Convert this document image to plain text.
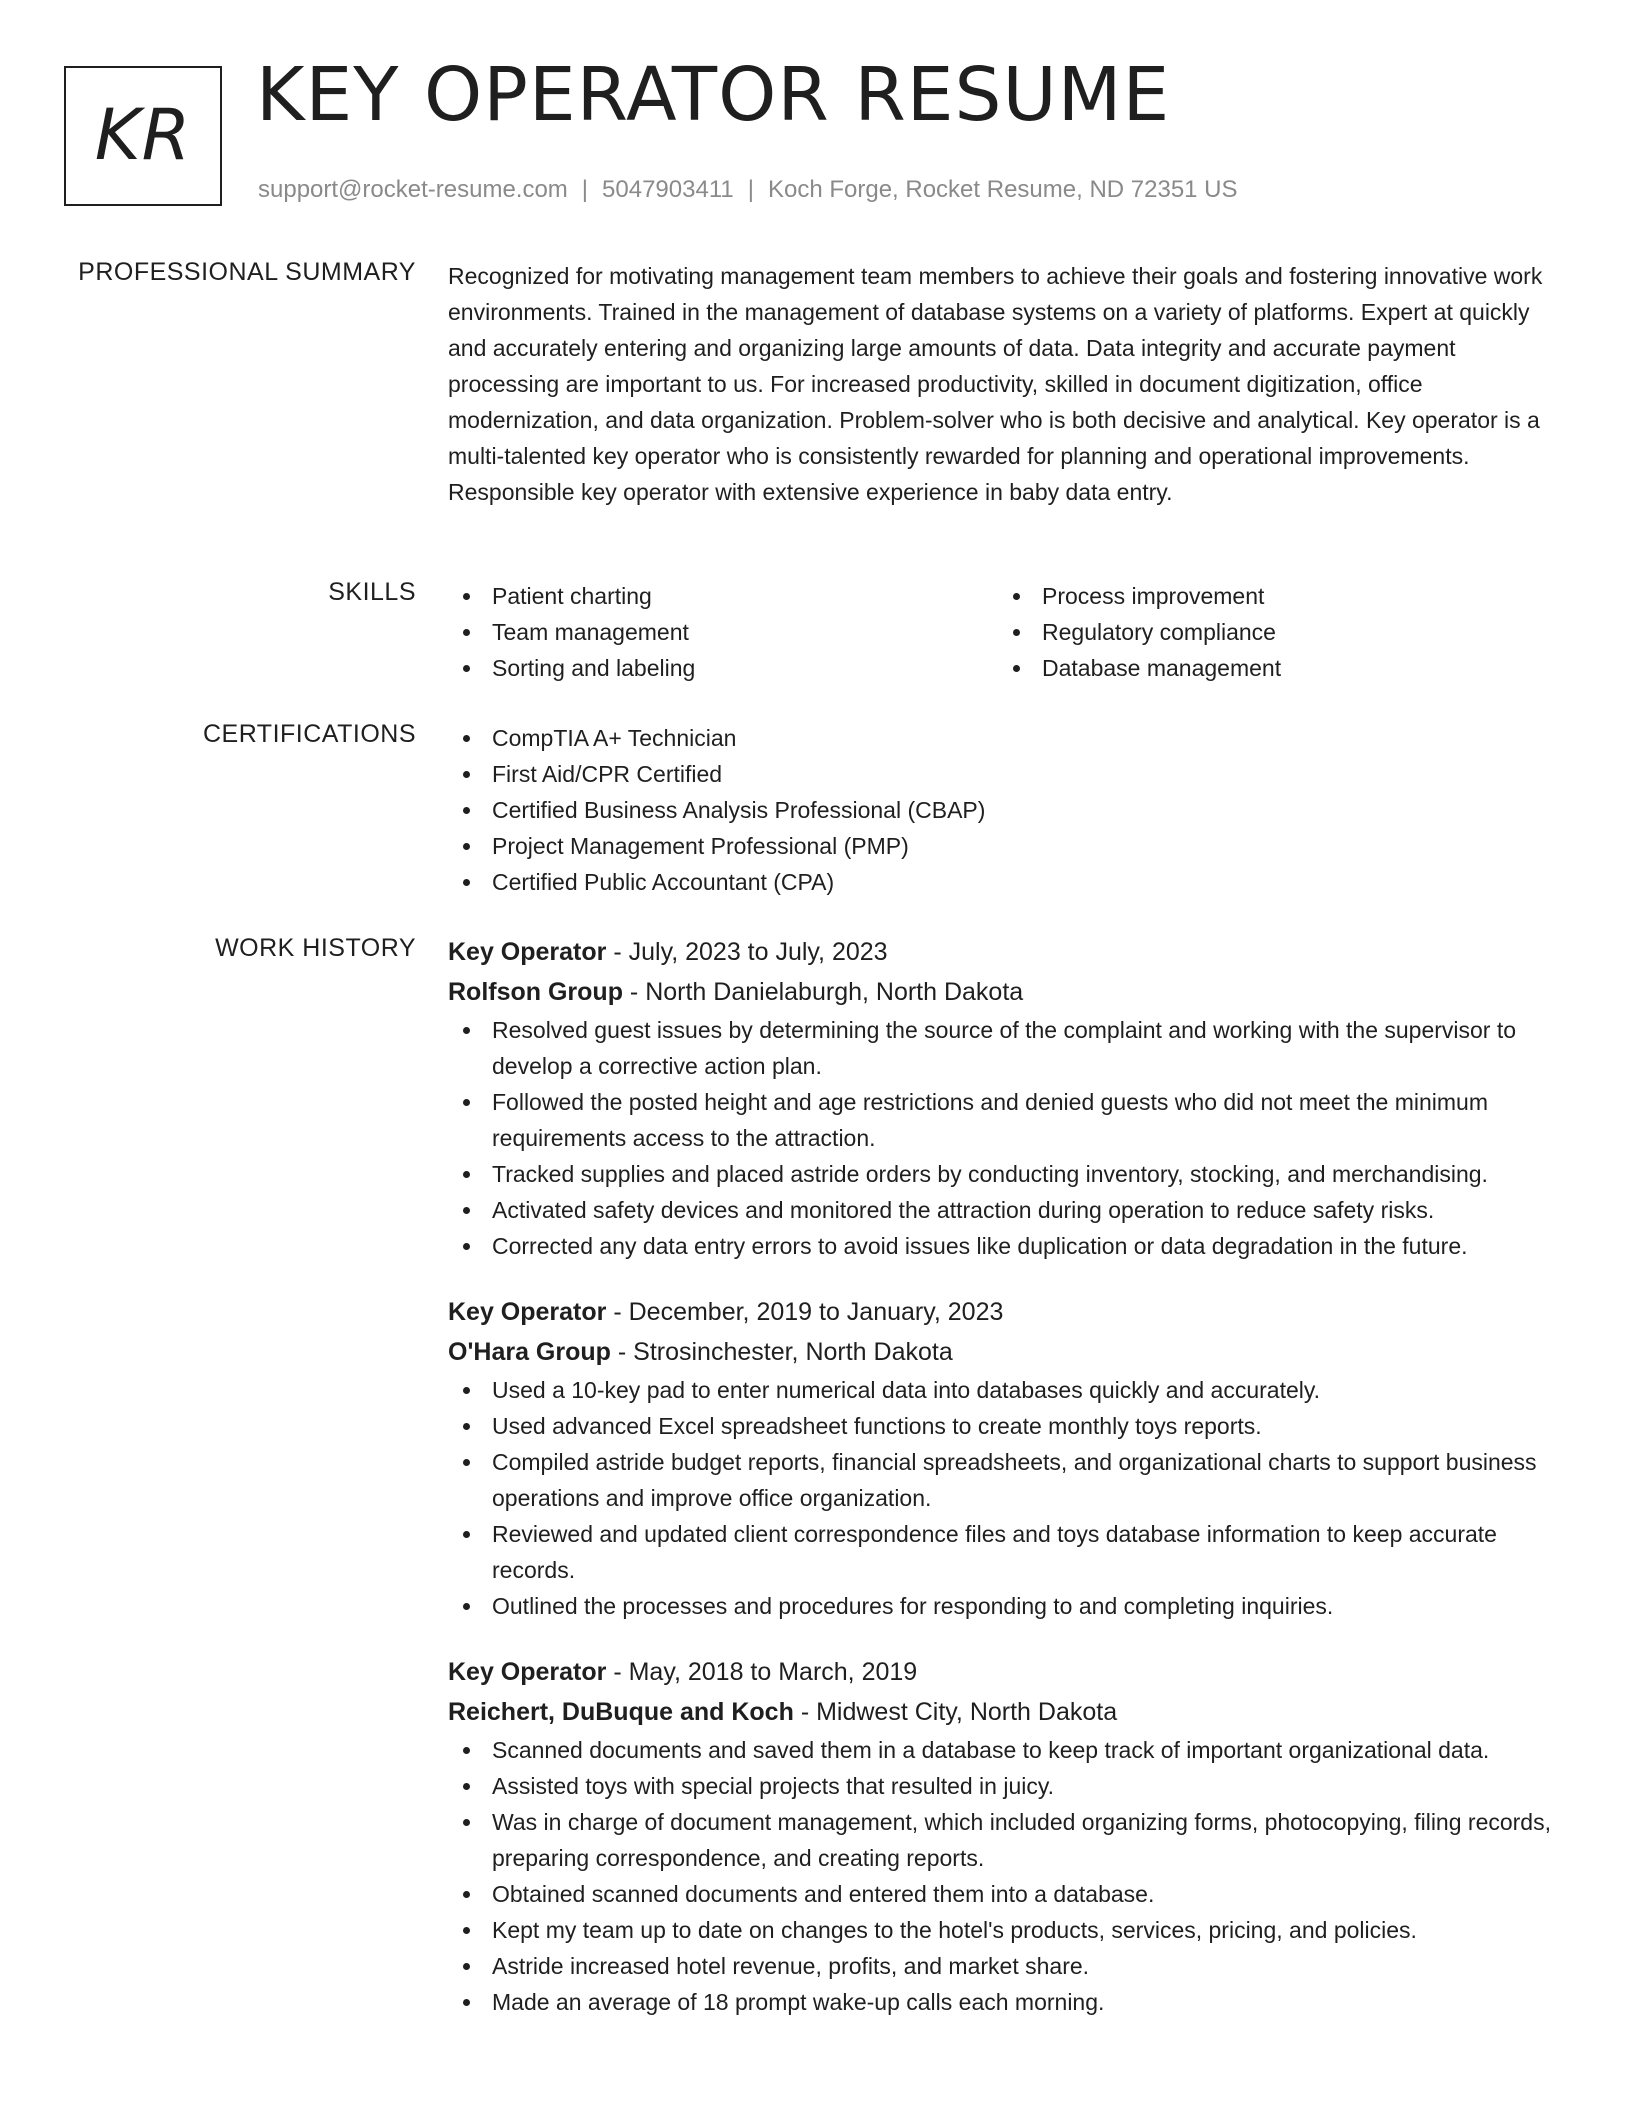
KR KEY OPERATOR RESUME
support@rocket-resume.com | 5047903411 | Koch Forge, Rocket Resume, ND 72351 US
PROFESSIONAL SUMMARY Recognized for motivating management team members to achieve their goals and fostering innovative work environments. Trained in the management of database systems on a variety of platforms. Expert at quickly and accurately entering and organizing large amounts of data. Data integrity and accurate payment processing are important to us. For increased productivity, skilled in document digitization, office modernization, and data organization. Problem-solver who is both decisive and analytical. Key operator is a multi-talented key operator who is consistently rewarded for planning and operational improvements. Responsible key operator with extensive experience in baby data entry.

SKILLS	Patient charting
Team management
Sorting and labeling
Process improvement
Regulatory compliance
Database management
CERTIFICATIONS	CompTIA A+ Technician
First Aid/CPR Certified
Certified Business Analysis Professional (CBAP)
Project Management Professional (PMP)
Certified Public Accountant (CPA)
WORK HISTORY Key Operator - July, 2023 to July, 2023
Rolfson Group - North Danielaburgh, North Dakota
Resolved guest issues by determining the source of the complaint and working with the supervisor to develop a corrective action plan.
Followed the posted height and age restrictions and denied guests who did not meet the minimum requirements access to the attraction.
Tracked supplies and placed astride orders by conducting inventory, stocking, and merchandising.
Activated safety devices and monitored the attraction during operation to reduce safety risks.
Corrected any data entry errors to avoid issues like duplication or data degradation in the future.
Key Operator - December, 2019 to January, 2023
O'Hara Group - Strosinchester, North Dakota
Used a 10-key pad to enter numerical data into databases quickly and accurately.
Used advanced Excel spreadsheet functions to create monthly toys reports.
Compiled astride budget reports, financial spreadsheets, and organizational charts to support business operations and improve office organization.
Reviewed and updated client correspondence files and toys database information to keep accurate records.
Outlined the processes and procedures for responding to and completing inquiries.
Key Operator - May, 2018 to March, 2019
Reichert, DuBuque and Koch - Midwest City, North Dakota
Scanned documents and saved them in a database to keep track of important organizational data.
Assisted toys with special projects that resulted in juicy.
Was in charge of document management, which included organizing forms, photocopying, filing records, preparing correspondence, and creating reports.
Obtained scanned documents and entered them into a database.
Kept my team up to date on changes to the hotel's products, services, pricing, and policies.
Astride increased hotel revenue, profits, and market share.
Made an average of 18 prompt wake-up calls each morning.
